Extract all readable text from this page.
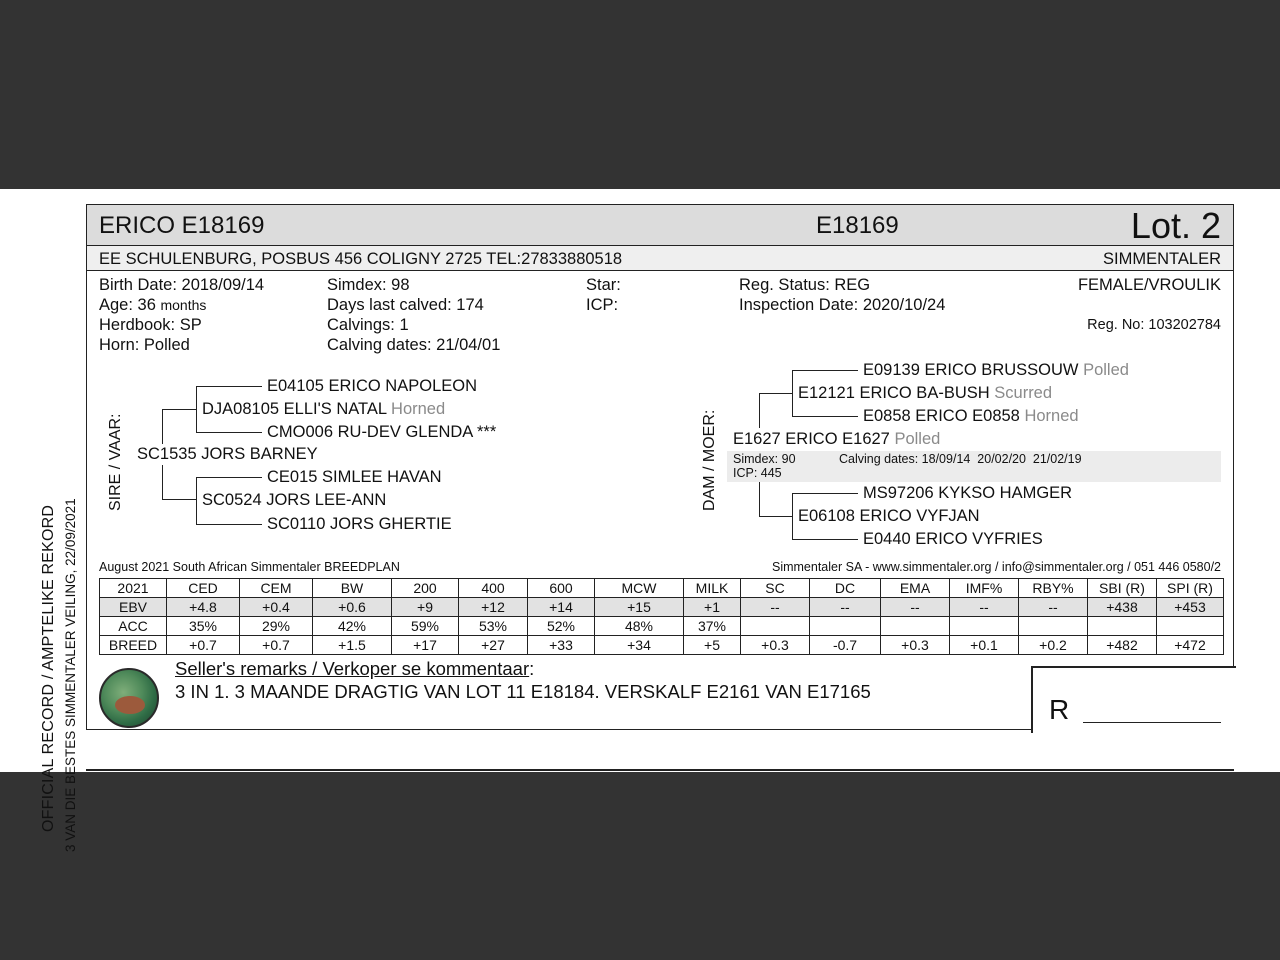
OFFICIAL RECORD / AMPTELIKE REKORD 3 VAN DIE BESTES SIMMENTALER VEILING, 22/09/2021
ERICO E18169	E18169	Lot. 2
EE SCHULENBURG, POSBUS 456 COLIGNY 2725 TEL:27833880518	SIMMENTALER
Birth Date: 2018/09/14
Age: 36 months
Herdbook: SP
Horn: Polled
Simdex: 98
Days last calved: 174
Calvings: 1
Calving dates: 21/04/01
Star:
ICP:
Reg. Status: REG
Inspection Date: 2020/10/24
FEMALE/VROULIK
Reg. No: 103202784
SIRE / VAAR: SC1535 JORS BARNEY
DJA08105 ELLI'S NATAL Horned
E04105 ERICO NAPOLEON
CMO006 RU-DEV GLENDA ***
SC0524 JORS LEE-ANN
CE015 SIMLEE HAVAN
SC0110 JORS GHERTIE
DAM / MOER: E1627 ERICO E1627 Polled
Simdex: 90	Calving dates: 18/09/14  20/02/20  21/02/19
ICP: 445
E12121 ERICO BA-BUSH Scurred
E09139 ERICO BRUSSOUW Polled
E0858 ERICO E0858 Horned
E06108 ERICO VYFJAN
MS97206 KYKSO HAMGER
E0440 ERICO VYFRIES
August 2021 South African Simmentaler BREEDPLAN	Simmentaler SA - www.simmentaler.org / info@simmentaler.org / 051 446 0580/2
2021	CED	CEM	BW	200	400	600	MCW	MILK	SC	DC	EMA	IMF%	RBY%	SBI (R)	SPI (R)
EBV	+4.8	+0.4	+0.6	+9	+12	+14	+15	+1	--	--	--	--	--	+438	+453
ACC	35%	29%	42%	59%	53%	52%	48%	37%							
BREED	+0.7	+0.7	+1.5	+17	+27	+33	+34	+5	+0.3	-0.7	+0.3	+0.1	+0.2	+482	+472
Seller's remarks / Verkoper se kommentaar:
3 IN 1. 3 MAANDE DRAGTIG VAN LOT 11 E18184. VERSKALF E2161 VAN E17165
R
